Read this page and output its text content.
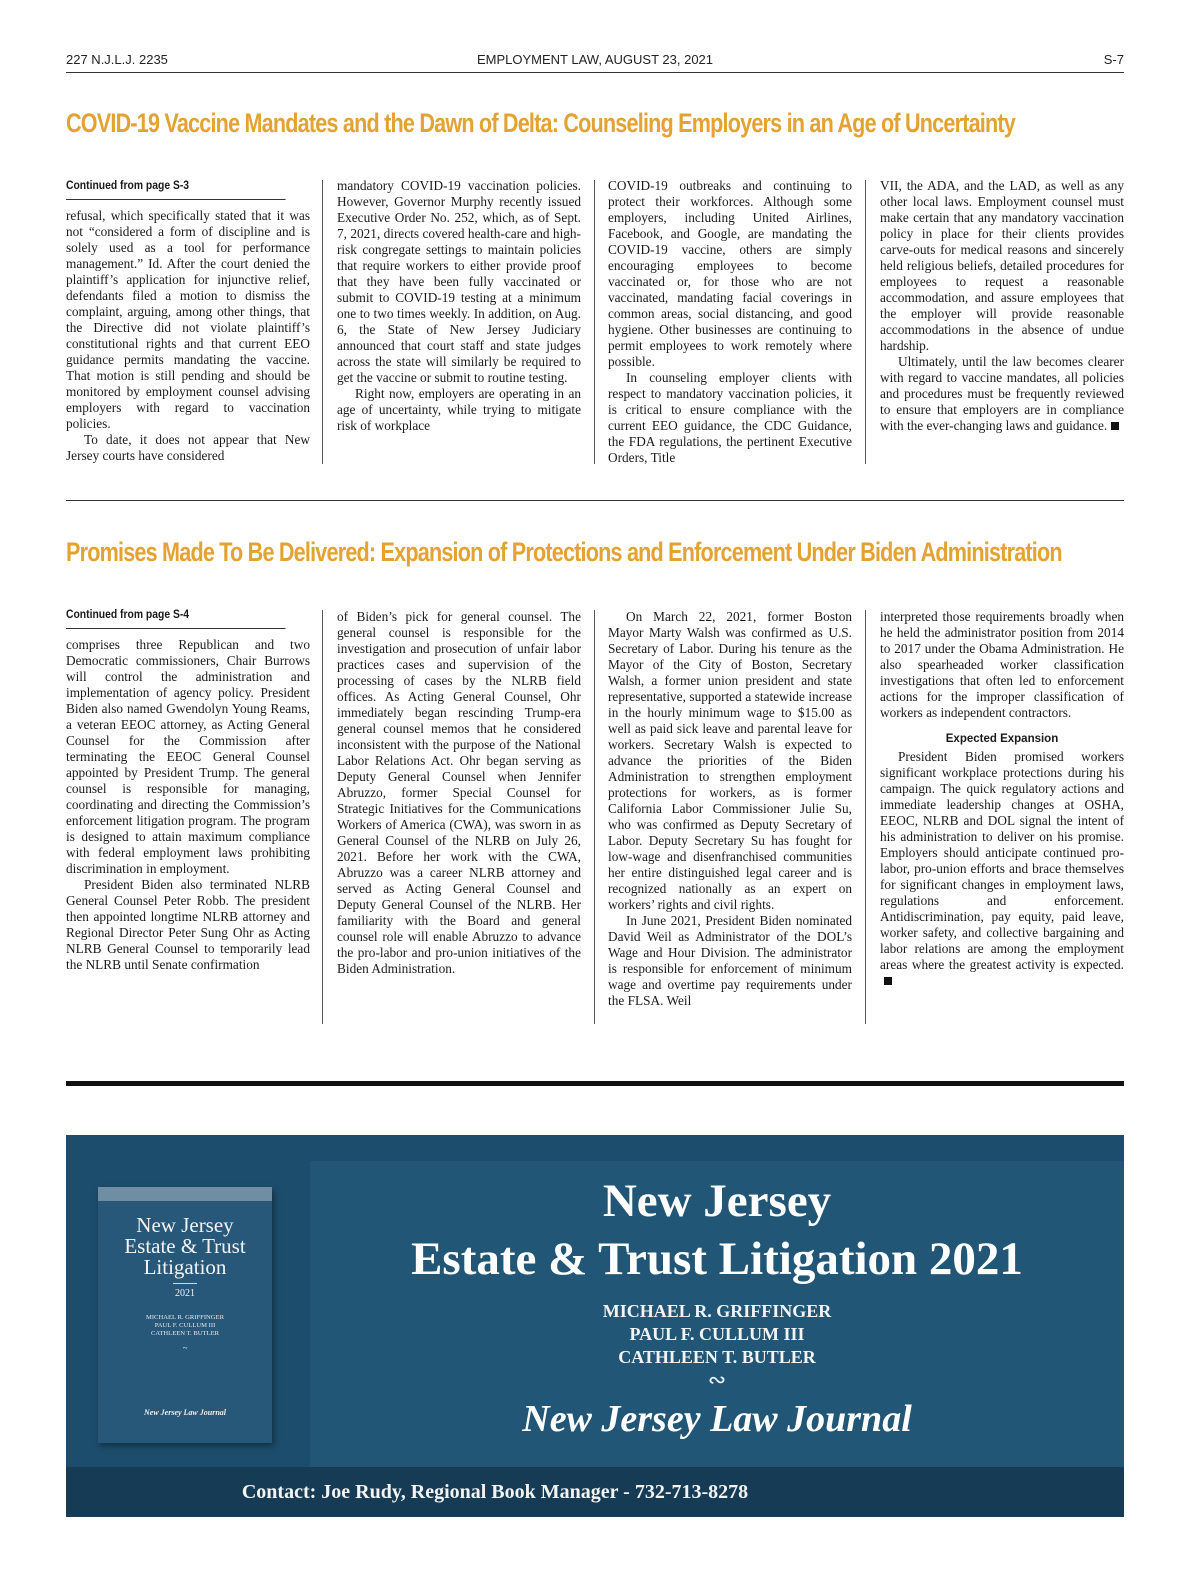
227 N.J.L.J. 2235	EMPLOYMENT LAW, AUGUST 23, 2021	S-7
COVID-19 Vaccine Mandates and the Dawn of Delta: Counseling Employers in an Age of Uncertainty
Continued from page S-3

refusal, which specifically stated that it was not “considered a form of discipline and is solely used as a tool for performance management.” Id. After the court denied the plaintiff’s application for injunctive relief, defendants filed a motion to dismiss the complaint, arguing, among other things, that the Directive did not violate plaintiff’s constitutional rights and that current EEO guidance permits mandating the vaccine. That motion is still pending and should be monitored by employment counsel advising employers with regard to vaccination policies.

To date, it does not appear that New Jersey courts have considered

mandatory COVID-19 vaccination policies. However, Governor Murphy recently issued Executive Order No. 252, which, as of Sept. 7, 2021, directs covered health-care and high-risk congregate settings to maintain policies that require workers to either provide proof that they have been fully vaccinated or submit to COVID-19 testing at a minimum one to two times weekly. In addition, on Aug. 6, the State of New Jersey Judiciary announced that court staff and state judges across the state will similarly be required to get the vaccine or submit to routine testing.

Right now, employers are operating in an age of uncertainty, while trying to mitigate risk of workplace

COVID-19 outbreaks and continuing to protect their workforces. Although some employers, including United Airlines, Facebook, and Google, are mandating the COVID-19 vaccine, others are simply encouraging employees to become vaccinated or, for those who are not vaccinated, mandating facial coverings in common areas, social distancing, and good hygiene. Other businesses are continuing to permit employees to work remotely where possible.

In counseling employer clients with respect to mandatory vaccination policies, it is critical to ensure compliance with the current EEO guidance, the CDC Guidance, the FDA regulations, the pertinent Executive Orders, Title

VII, the ADA, and the LAD, as well as any other local laws. Employment counsel must make certain that any mandatory vaccination policy in place for their clients provides carve-outs for medical reasons and sincerely held religious beliefs, detailed procedures for employees to request a reasonable accommodation, and assure employees that the employer will provide reasonable accommodations in the absence of undue hardship.

Ultimately, until the law becomes clearer with regard to vaccine mandates, all policies and procedures must be frequently reviewed to ensure that employers are in compliance with the ever-changing laws and guidance.

Promises Made To Be Delivered: Expansion of Protections and Enforcement Under Biden Administration
Continued from page S-4

comprises three Republican and two Democratic commissioners, Chair Burrows will control the administration and implementation of agency policy. President Biden also named Gwendolyn Young Reams, a veteran EEOC attorney, as Acting General Counsel for the Commission after terminating the EEOC General Counsel appointed by President Trump. The general counsel is responsible for managing, coordinating and directing the Commission’s enforcement litigation program. The program is designed to attain maximum compliance with federal employment laws prohibiting discrimination in employment.

President Biden also terminated NLRB General Counsel Peter Robb. The president then appointed longtime NLRB attorney and Regional Director Peter Sung Ohr as Acting NLRB General Counsel to temporarily lead the NLRB until Senate confirmation

of Biden’s pick for general counsel. The general counsel is responsible for the investigation and prosecution of unfair labor practices cases and supervision of the processing of cases by the NLRB field offices. As Acting General Counsel, Ohr immediately began rescinding Trump-era general counsel memos that he considered inconsistent with the purpose of the National Labor Relations Act. Ohr began serving as Deputy General Counsel when Jennifer Abruzzo, former Special Counsel for Strategic Initiatives for the Communications Workers of America (CWA), was sworn in as General Counsel of the NLRB on July 26, 2021. Before her work with the CWA, Abruzzo was a career NLRB attorney and served as Acting General Counsel and Deputy General Counsel of the NLRB. Her familiarity with the Board and general counsel role will enable Abruzzo to advance the pro-labor and pro-union initiatives of the Biden Administration.

On March 22, 2021, former Boston Mayor Marty Walsh was confirmed as U.S. Secretary of Labor. During his tenure as the Mayor of the City of Boston, Secretary Walsh, a former union president and state representative, supported a statewide increase in the hourly minimum wage to $15.00 as well as paid sick leave and parental leave for workers. Secretary Walsh is expected to advance the priorities of the Biden Administration to strengthen employment protections for workers, as is former California Labor Commissioner Julie Su, who was confirmed as Deputy Secretary of Labor. Deputy Secretary Su has fought for low-wage and disenfranchised communities her entire distinguished legal career and is recognized nationally as an expert on workers’ rights and civil rights.

In June 2021, President Biden nominated David Weil as Administrator of the DOL’s Wage and Hour Division. The administrator is responsible for enforcement of minimum wage and overtime pay requirements under the FLSA. Weil

interpreted those requirements broadly when he held the administrator position from 2014 to 2017 under the Obama Administration. He also spearheaded worker classification investigations that often led to enforcement actions for the improper classification of workers as independent contractors.

Expected Expansion

President Biden promised workers significant workplace protections during his campaign. The quick regulatory actions and immediate leadership changes at OSHA, EEOC, NLRB and DOL signal the intent of his administration to deliver on his promise. Employers should anticipate continued pro-labor, pro-union efforts and brace themselves for significant changes in employment laws, regulations and enforcement. Antidiscrimination, pay equity, paid leave, worker safety, and collective bargaining and labor relations are among the employment areas where the greatest activity is expected.

New Jersey
Estate & Trust
Litigation
2021
MICHAEL R. GRIFFINGER
PAUL F. CULLUM III
CATHLEEN T. BUTLER
~
New Jersey Law Journal
New Jersey
Estate & Trust Litigation 2021
MICHAEL R. GRIFFINGER
PAUL F. CULLUM III
CATHLEEN T. BUTLER
∾
New Jersey Law Journal
Contact: Joe Rudy, Regional Book Manager - 732-713-8278
